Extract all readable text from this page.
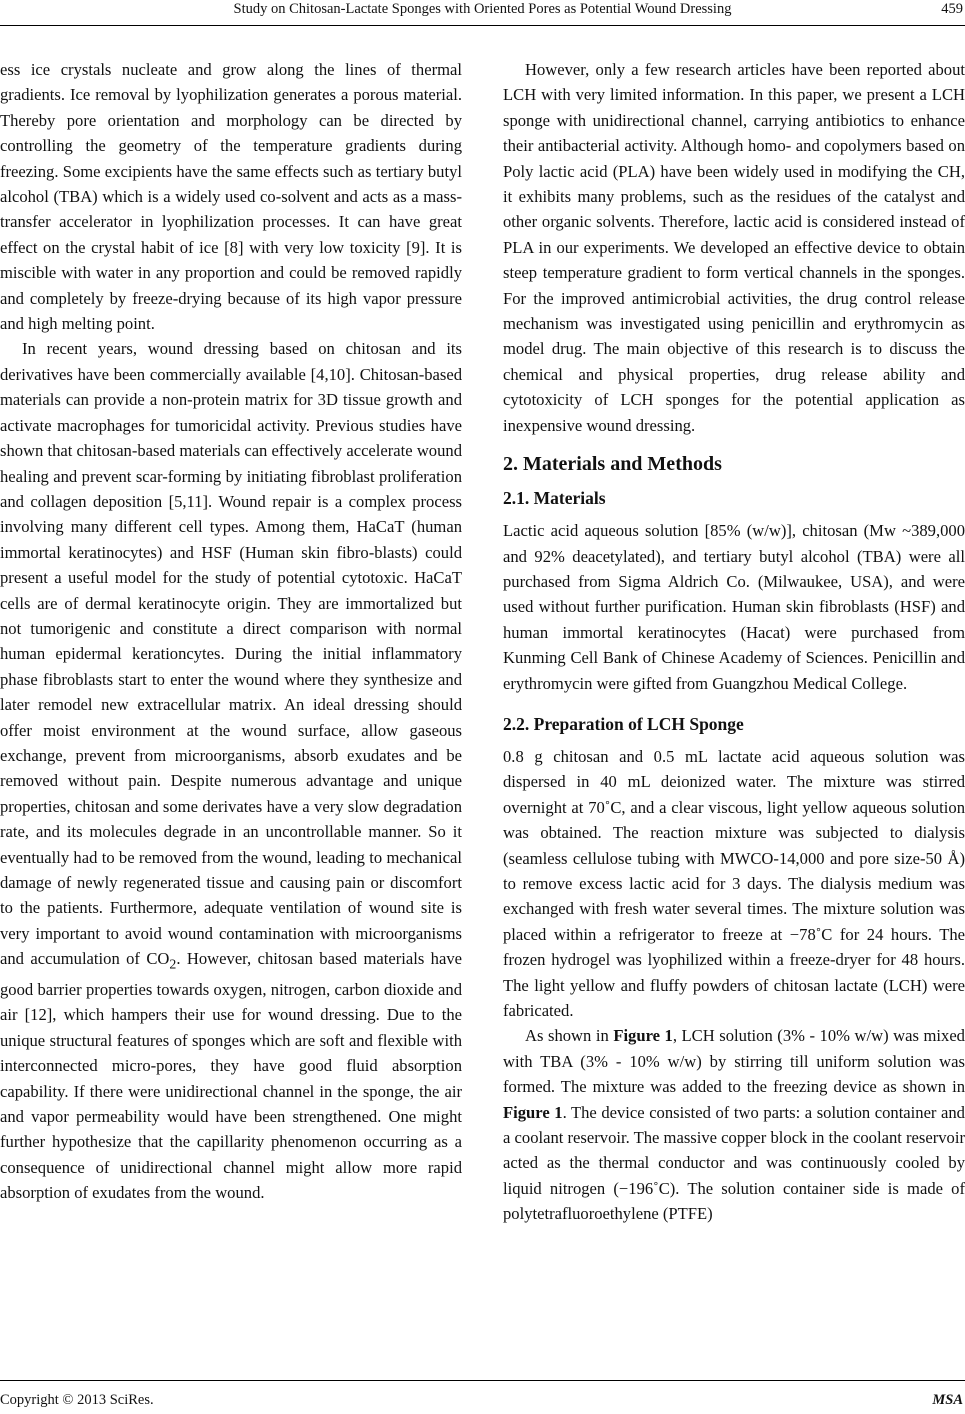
Study on Chitosan-Lactate Sponges with Oriented Pores as Potential Wound Dressing	459

ess ice crystals nucleate and grow along the lines of thermal gradients. Ice removal by lyophilization generates a porous material. Thereby pore orientation and morphology can be directed by controlling the geometry of the temperature gradients during freezing. Some excipients have the same effects such as tertiary butyl alcohol (TBA) which is a widely used co-solvent and acts as a mass-transfer accelerator in lyophilization processes. It can have great effect on the crystal habit of ice [8] with very low toxicity [9]. It is miscible with water in any proportion and could be removed rapidly and completely by freeze-drying because of its high vapor pressure and high melting point.

In recent years, wound dressing based on chitosan and its derivatives have been commercially available [4,10]. Chitosan-based materials can provide a non-protein matrix for 3D tissue growth and activate macrophages for tumoricidal activity. Previous studies have shown that chitosan-based materials can effectively accelerate wound healing and prevent scar-forming by initiating fibroblast proliferation and collagen deposition [5,11]. Wound repair is a complex process involving many different cell types. Among them, HaCaT (human immortal keratinocytes) and HSF (Human skin fibro-blasts) could present a useful model for the study of potential cytotoxic. HaCaT cells are of dermal keratinocyte origin. They are immortalized but not tumorigenic and constitute a direct comparison with normal human epidermal kerationcytes. During the initial inflammatory phase fibroblasts start to enter the wound where they synthesize and later remodel new extracellular matrix. An ideal dressing should offer moist environment at the wound surface, allow gaseous exchange, prevent from microorganisms, absorb exudates and be removed without pain. Despite numerous advantage and unique properties, chitosan and some derivates have a very slow degradation rate, and its molecules degrade in an uncontrollable manner. So it eventually had to be removed from the wound, leading to mechanical damage of newly regenerated tissue and causing pain or discomfort to the patients. Furthermore, adequate ventilation of wound site is very important to avoid wound contamination with microorganisms and accumulation of $CO_2$. However, chitosan based materials have good barrier properties towards oxygen, nitrogen, carbon dioxide and air [12], which hampers their use for wound dressing. Due to the unique structural features of sponges which are soft and flexible with interconnected micro-pores, they have good fluid absorption capability. If there were unidirectional channel in the sponge, the air and vapor permeability would have been strengthened. One might further hypothesize that the capillarity phenomenon occurring as a consequence of unidirectional channel might allow more rapid absorption of exudates from the wound.

However, only a few research articles have been reported about LCH with very limited information. In this paper, we present a LCH sponge with unidirectional channel, carrying antibiotics to enhance their antibacterial activity. Although homo- and copolymers based on Poly lactic acid (PLA) have been widely used in modifying the CH, it exhibits many problems, such as the residues of the catalyst and other organic solvents. Therefore, lactic acid is considered instead of PLA in our experiments. We developed an effective device to obtain steep temperature gradient to form vertical channels in the sponges. For the improved antimicrobial activities, the drug control release mechanism was investigated using penicillin and erythromycin as model drug. The main objective of this research is to discuss the chemical and physical properties, drug release ability and cytotoxicity of LCH sponges for the potential application as inexpensive wound dressing.

2. Materials and Methods
2.1. Materials

Lactic acid aqueous solution [85% (w/w)], chitosan (Mw ~389,000 and 92% deacetylated), and tertiary butyl alcohol (TBA) were all purchased from Sigma Aldrich Co. (Milwaukee, USA), and were used without further purification. Human skin fibroblasts (HSF) and human immortal keratinocytes (Hacat) were purchased from Kunming Cell Bank of Chinese Academy of Sciences. Penicillin and erythromycin were gifted from Guangzhou Medical College.

2.2. Preparation of LCH Sponge

0.8 g chitosan and 0.5 mL lactate acid aqueous solution was dispersed in 40 mL deionized water. The mixture was stirred overnight at 70˚C, and a clear viscous, light yellow aqueous solution was obtained. The reaction mixture was subjected to dialysis (seamless cellulose tubing with MWCO-14,000 and pore size-50 Å) to remove excess lactic acid for 3 days. The dialysis medium was exchanged with fresh water several times. The mixture solution was placed within a refrigerator to freeze at −78˚C for 24 hours. The frozen hydrogel was lyophilized within a freeze-dryer for 48 hours. The light yellow and fluffy powders of chitosan lactate (LCH) were fabricated.

As shown in Figure 1, LCH solution (3% - 10% w/w) was mixed with TBA (3% - 10% w/w) by stirring till uniform solution was formed. The mixture was added to the freezing device as shown in Figure 1. The device consisted of two parts: a solution container and a coolant reservoir. The massive copper block in the coolant reservoir acted as the thermal conductor and was continuously cooled by liquid nitrogen (−196˚C). The solution container side is made of polytetrafluoroethylene (PTFE)

Copyright © 2013 SciRes.	MSA
